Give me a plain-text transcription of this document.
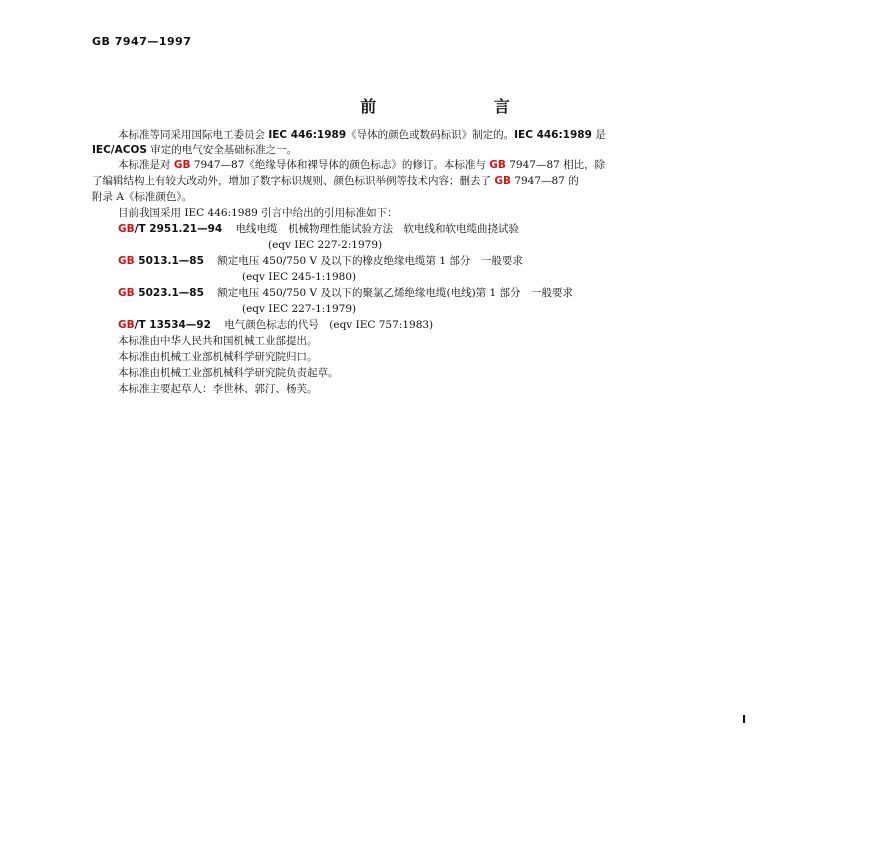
GB 7947—1997
前 言
本标准等同采用国际电工委员会 IEC 446:1989《导体的颜色或数码标识》制定的。IEC 446:1989 是
IEC/ACOS 审定的电气安全基础标准之一。
本标准是对 GB 7947—87《绝缘导体和裸导体的颜色标志》的修订。本标准与 GB 7947—87 相比，除
了编辑结构上有较大改动外，增加了数字标识规则、颜色标识举例等技术内容；删去了 GB 7947—87 的
附录 A《标准颜色》。
目前我国采用 IEC 446:1989 引言中给出的引用标准如下：
GB/T 2951.21—94 电线电缆　机械物理性能试验方法　软电线和软电缆曲挠试验
(eqv IEC 227-2:1979)
GB 5013.1—85 额定电压 450/750 V 及以下的橡皮绝缘电缆第 1 部分　一般要求
(eqv IEC 245-1:1980)
GB 5023.1—85 额定电压 450/750 V 及以下的聚氯乙烯绝缘电缆(电线)第 1 部分　一般要求
(eqv IEC 227-1:1979)
GB/T 13534—92 电气颜色标志的代号　(eqv IEC 757:1983)
本标准由中华人民共和国机械工业部提出。
本标准由机械工业部机械科学研究院归口。
本标准由机械工业部机械科学研究院负责起草。
本标准主要起草人：李世林、郭汀、杨芙。
I
